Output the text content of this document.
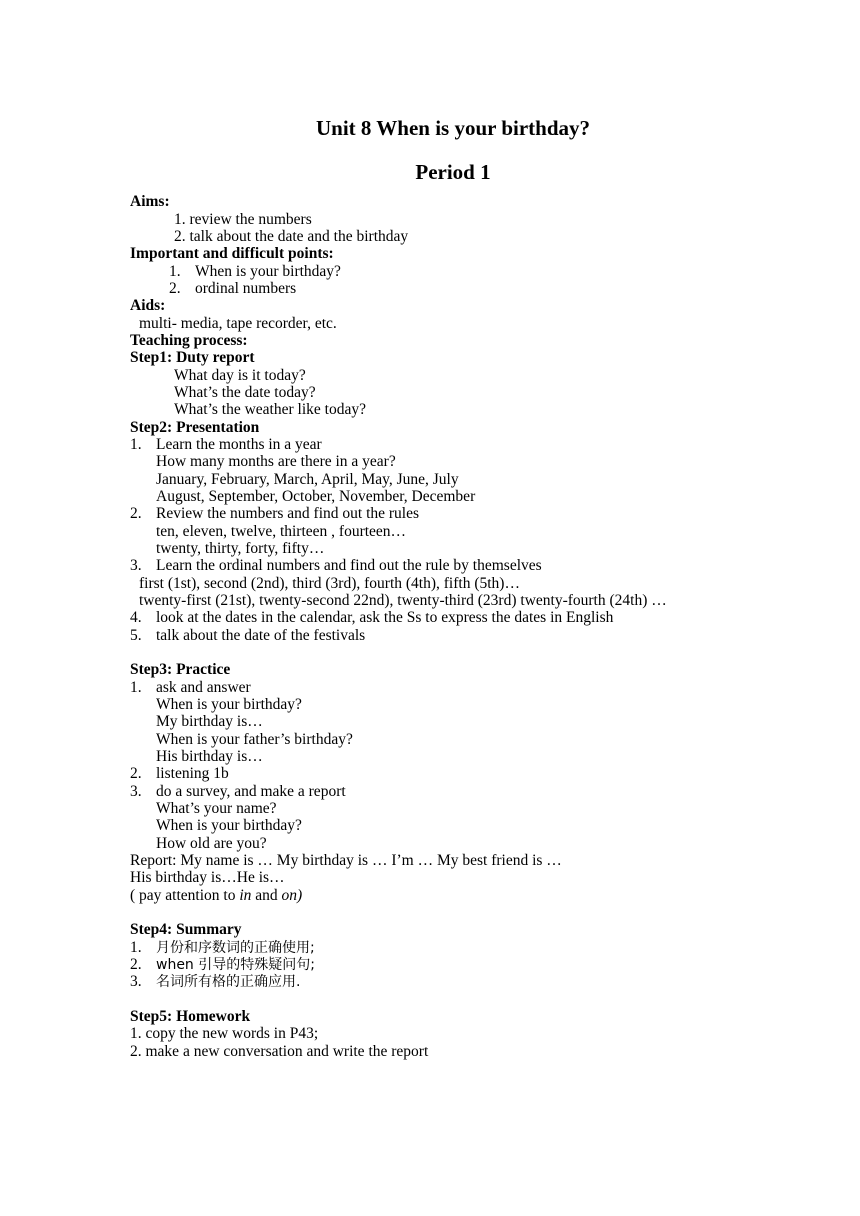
Unit 8 When is your birthday?
Period 1
Aims:
1. review the numbers
2. talk about the date and the birthday
Important and difficult points:
1. When is your birthday?
2. ordinal numbers
Aids:
multi- media, tape recorder, etc.
Teaching process:
Step1: Duty report
What day is it today?
What’s the date today?
What’s the weather like today?
Step2: Presentation
1. Learn the months in a year
How many months are there in a year?
January, February, March, April, May, June, July
August, September, October, November, December
2. Review the numbers and find out the rules
ten, eleven, twelve, thirteen , fourteen…
twenty, thirty, forty, fifty…
3. Learn the ordinal numbers and find out the rule by themselves
first (1st), second (2nd), third (3rd), fourth (4th), fifth (5th)…
twenty-first (21st), twenty-second 22nd), twenty-third (23rd) twenty-fourth (24th) …
4. look at the dates in the calendar, ask the Ss to express the dates in English
5. talk about the date of the festivals
Step3: Practice
1. ask and answer
When is your birthday?
My birthday is…
When is your father’s birthday?
His birthday is…
2. listening 1b
3. do a survey, and make a report
What’s your name?
When is your birthday?
How old are you?
Report: My name is … My birthday is … I’m … My best friend is …
His birthday is…He is…
( pay attention to in and on)
Step4: Summary
1. 月份和序数词的正确使用;
2. when 引导的特殊疑问句;
3. 名词所有格的正确应用.
Step5: Homework
1. copy the new words in P43;
2. make a new conversation and write the report
